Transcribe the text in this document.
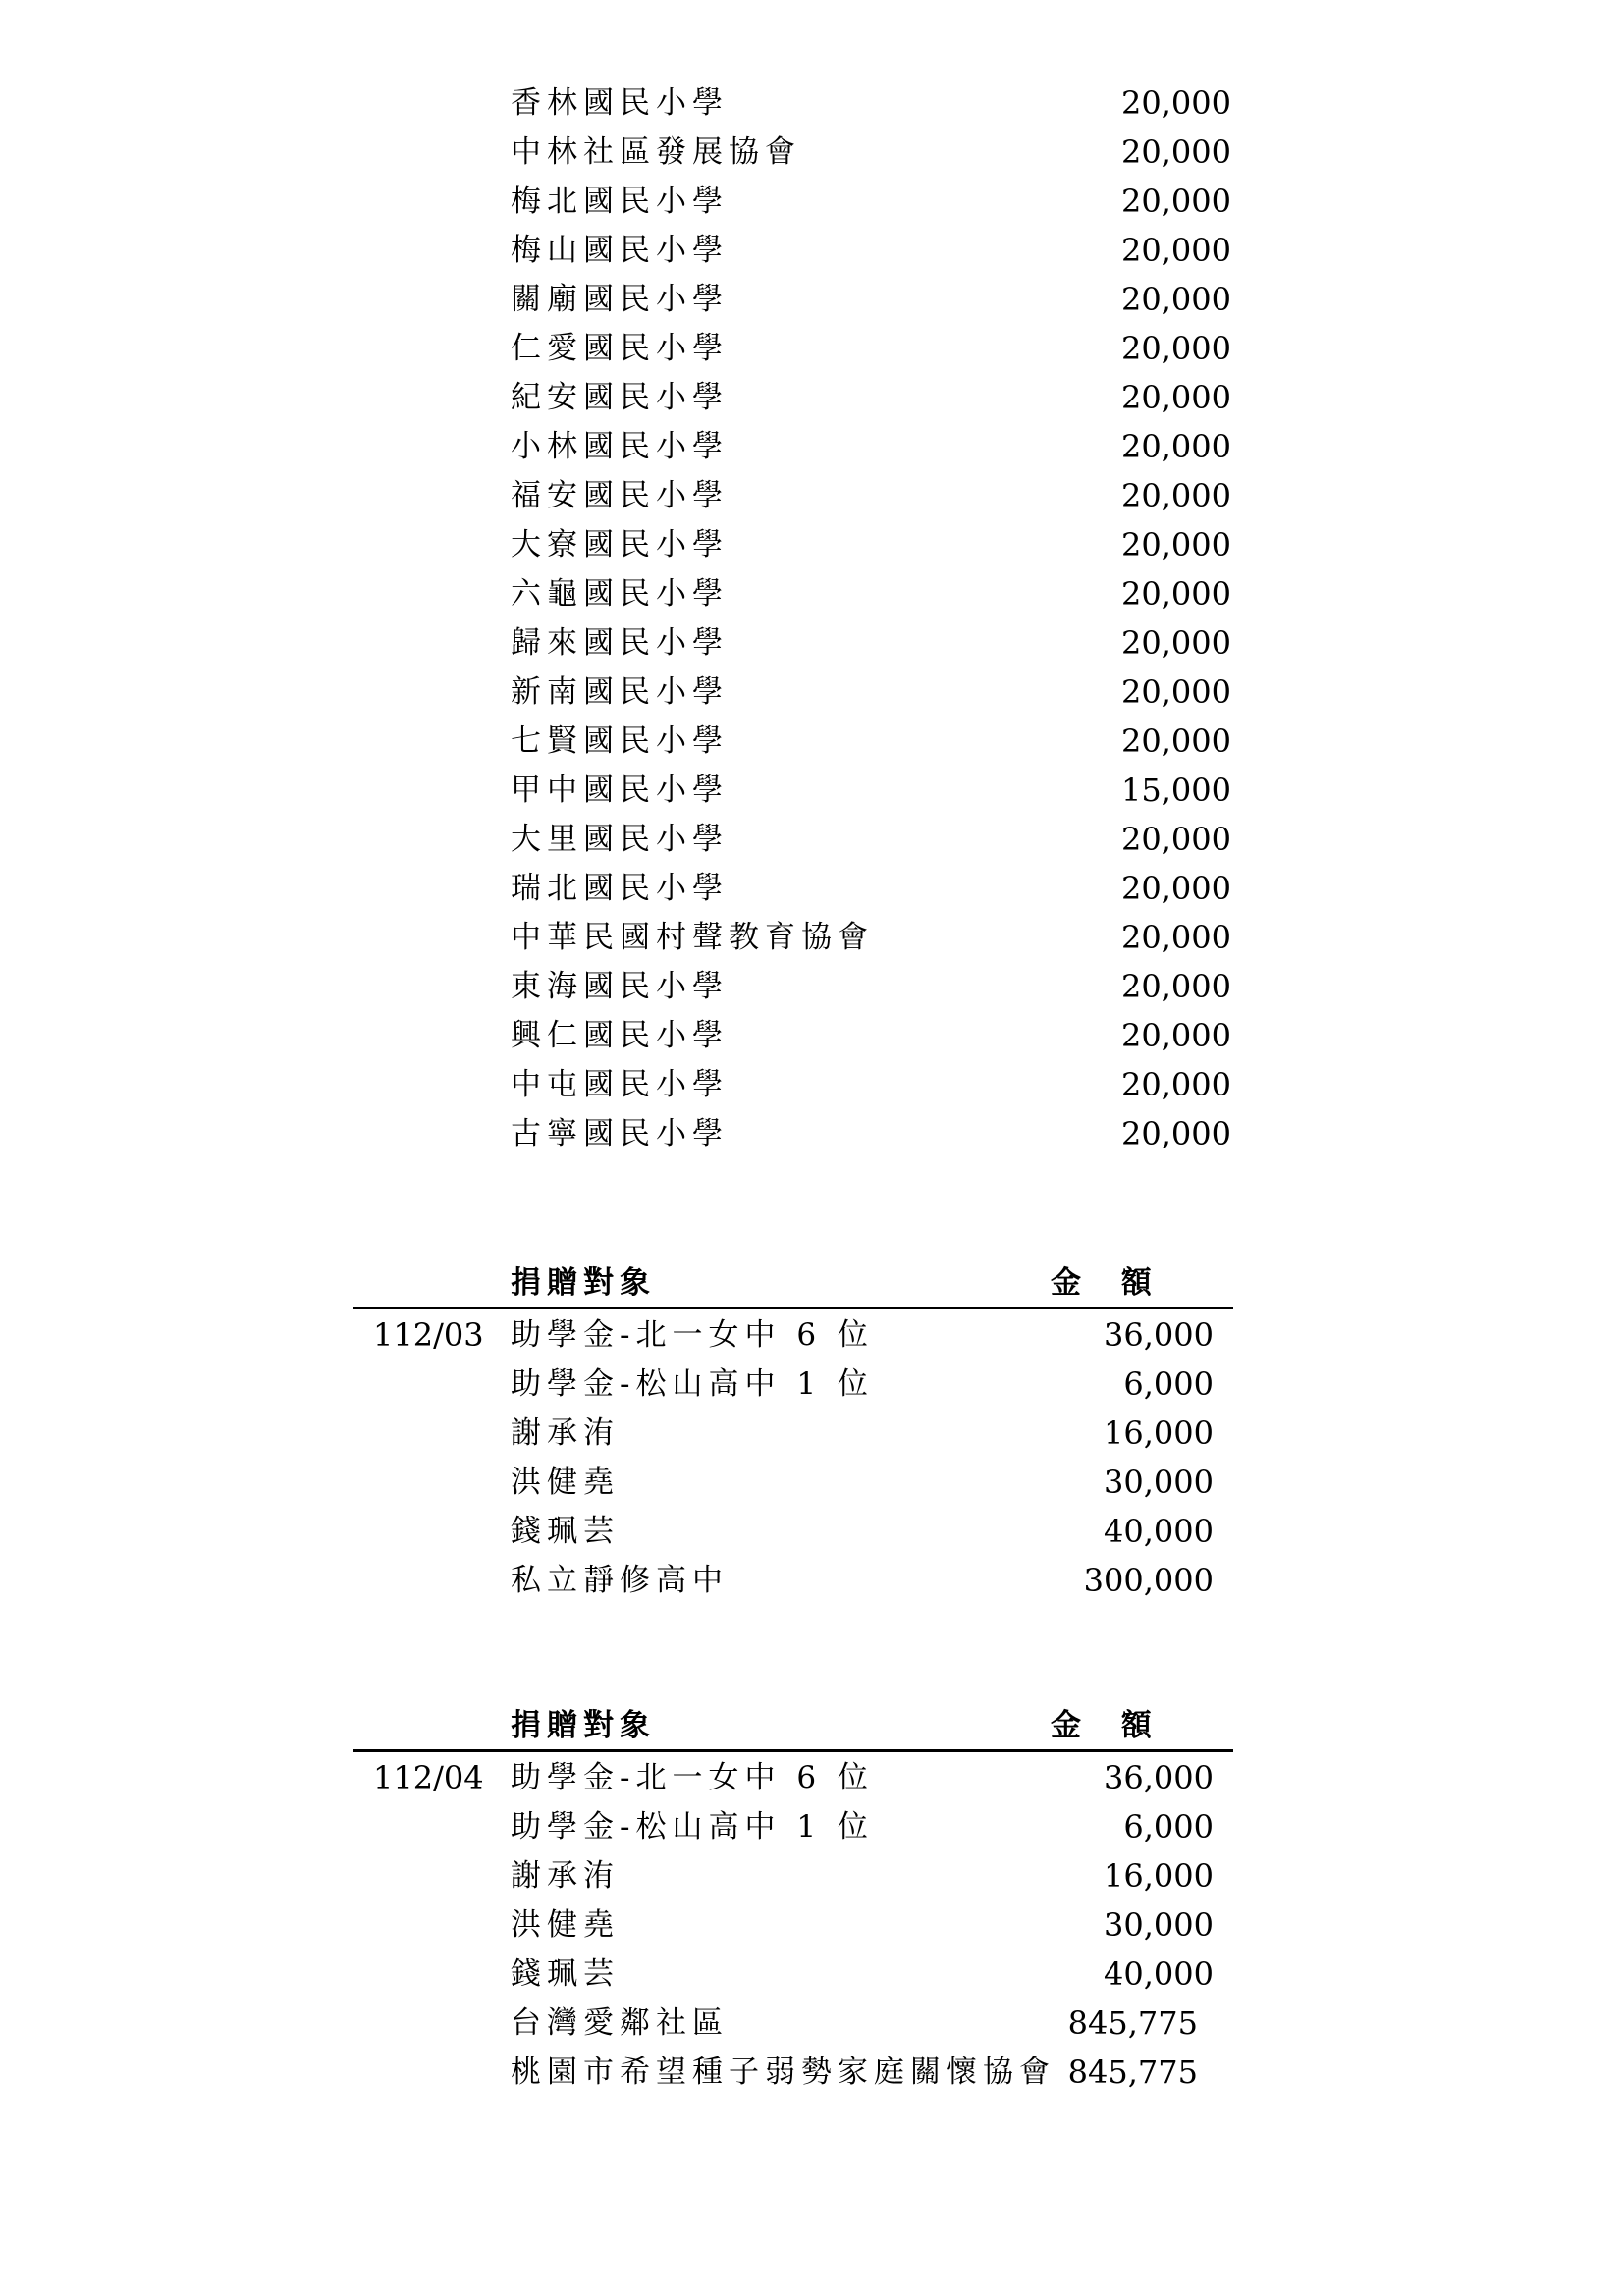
香林國民小學	20,000
中林社區發展協會	20,000
梅北國民小學	20,000
梅山國民小學	20,000
關廟國民小學	20,000
仁愛國民小學	20,000
紀安國民小學	20,000
小林國民小學	20,000
福安國民小學	20,000
大寮國民小學	20,000
六龜國民小學	20,000
歸來國民小學	20,000
新南國民小學	20,000
七賢國民小學	20,000
甲中國民小學	15,000
大里國民小學	20,000
瑞北國民小學	20,000
中華民國村聲教育協會	20,000
東海國民小學	20,000
興仁國民小學	20,000
中屯國民小學	20,000
古寧國民小學	20,000
捐贈對象	金 額
112/03 助學金-北一女中 6 位	36,000
助學金-松山高中 1 位	6,000
謝承洧	16,000
洪健堯	30,000
錢珮芸	40,000
私立靜修高中	300,000
捐贈對象	金 額
112/04 助學金-北一女中 6 位	36,000
助學金-松山高中 1 位	6,000
謝承洧	16,000
洪健堯	30,000
錢珮芸	40,000
台灣愛鄰社區	845,775
桃園市希望種子弱勢家庭關懷協會 845,775
